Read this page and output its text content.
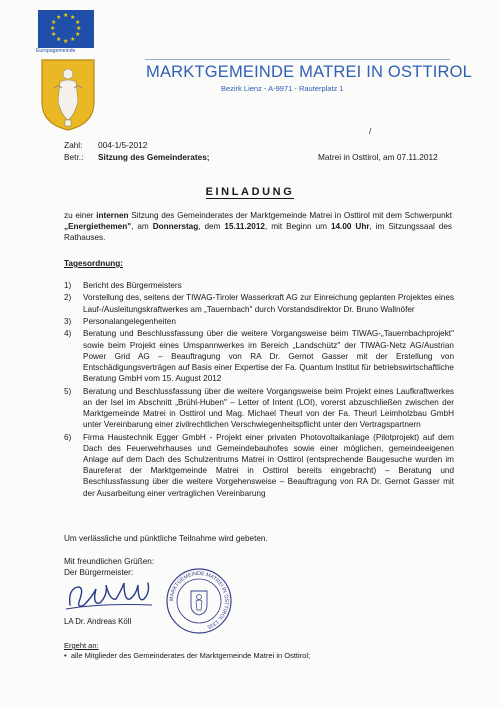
★ ★
★
★
★
★
★
★
★
★
★
★
Europagemeinde
MARKTGEMEINDE MATREI IN OSTTIROL
Bezirk Lienz - A-9971 - Rauterplatz 1
/
Zahl: 004-1/5-2012
Betr.: Sitzung des Gemeinderates;	Matrei in Osttirol, am 07.11.2012
EINLADUNG
zu einer internen Sitzung des Gemeinderates der Marktgemeinde Matrei in Osttirol mit dem Schwerpunkt „Energiethemen", am Donnerstag, dem 15.11.2012, mit Beginn um 14.00 Uhr, im Sitzungssaal des Rathauses.
Tagesordnung:
1) Bericht des Bürgermeisters
2) Vorstellung des, seitens der TIWAG-Tiroler Wasserkraft AG zur Einreichung geplanten Projektes eines Lauf-/Ausleitungskraftwerkes am „Tauernbach" durch Vorstandsdirektor Dr. Bruno Wallnöfer
3) Personalangelegenheiten
4) Beratung und Beschlussfassung über die weitere Vorgangsweise beim TIWAG-„Tauernbachprojekt" sowie beim Projekt eines Umspannwerkes im Bereich „Landschütz" der TIWAG-Netz AG/Austrian Power Grid AG – Beauftragung von RA Dr. Gernot Gasser mit der Erstellung von Entschädigungsverträgen auf Basis einer Expertise der Fa. Quantum Institut für betriebswirtschaftliche Beratung GmbH vom 15. August 2012
5) Beratung und Beschlussfassung über die weitere Vorgangsweise beim Projekt eines Laufkraftwerkes an der Isel im Abschnitt „Brühl-Huben" – Letter of Intent (LOI), vorerst abzuschließen zwischen der Marktgemeinde Matrei in Osttirol und Mag. Michael Theurl von der Fa. Theurl Leimholzbau GmbH unter Vereinbarung einer zivilrechtlichen Verschwiegenheitspflicht unter den Vertragspartnern
6) Firma Haustechnik Egger GmbH - Projekt einer privaten Photovoltaikanlage (Pilotprojekt) auf dem Dach des Feuerwehrhauses und Gemeindebauhofes sowie einer möglichen, gemeindeeigenen Anlage auf dem Dach des Schulzentrums Matrei in Osttirol (entsprechende Baugesuche wurden im Baureferat der Marktgemeinde Matrei in Osttirol bereits eingebracht) – Beratung und Beschlussfassung über die weitere Vorgehensweise – Beauftragung von RA Dr. Gernot Gasser mit der Ausarbeitung einer vertraglichen Vereinbarung
Um verlässliche und pünktliche Teilnahme wird gebeten.
Mit freundlichen Grüßen:
Der Bürgermeister:
LA Dr. Andreas Köll
MARKTGEMEINDE MATREI IN OSTTIROL 1335
Ergeht an:
• alle Mitglieder des Gemeinderates der Marktgemeinde Matrei in Osttirol;
